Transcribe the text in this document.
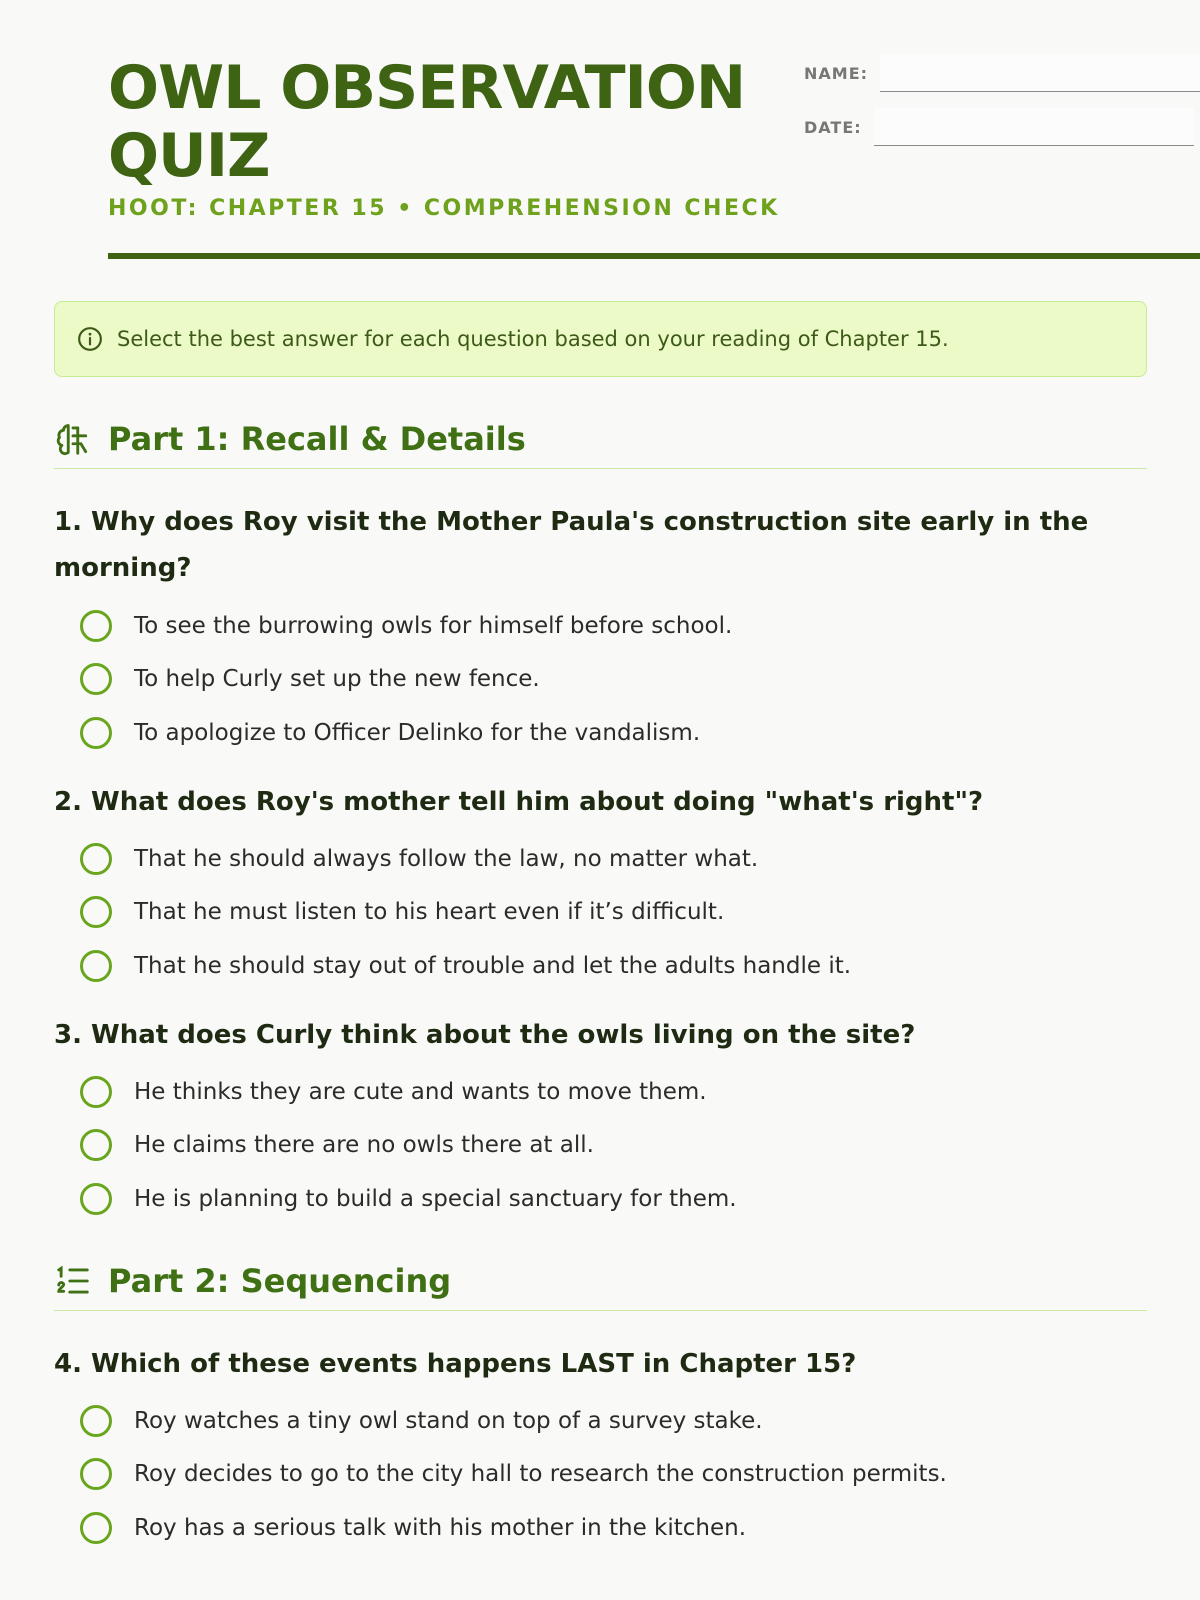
OWL OBSERVATION
QUIZ
HOOT: CHAPTER 15 • COMPREHENSION CHECK
NAME:
DATE:
Select the best answer for each question based on your reading of Chapter 15.
Part 1: Recall & Details
1. Why does Roy visit the Mother Paula's construction site early in the morning?
To see the burrowing owls for himself before school.
To help Curly set up the new fence.
To apologize to Officer Delinko for the vandalism.
2. What does Roy's mother tell him about doing "what's right"?
That he should always follow the law, no matter what.
That he must listen to his heart even if it’s difficult.
That he should stay out of trouble and let the adults handle it.
3. What does Curly think about the owls living on the site?
He thinks they are cute and wants to move them.
He claims there are no owls there at all.
He is planning to build a special sanctuary for them.
Part 2: Sequencing
4. Which of these events happens LAST in Chapter 15?
Roy watches a tiny owl stand on top of a survey stake.
Roy decides to go to the city hall to research the construction permits.
Roy has a serious talk with his mother in the kitchen.
